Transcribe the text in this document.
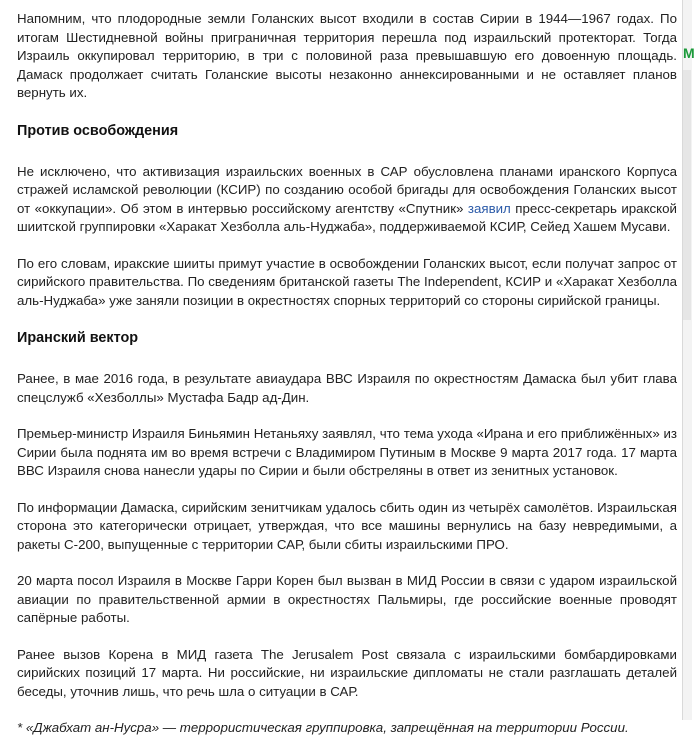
Напомним, что плодородные земли Голанских высот входили в состав Сирии в 1944—1967 годах. По итогам Шестидневной войны приграничная территория перешла под израильский протекторат. Тогда Израиль оккупировал территорию, в три с половиной раза превышавшую его довоенную площадь. Дамаск продолжает считать Голанские высоты незаконно аннексированными и не оставляет планов вернуть их.

Против освобождения

Не исключено, что активизация израильских военных в САР обусловлена планами иранского Корпуса стражей исламской революции (КСИР) по созданию особой бригады для освобождения Голанских высот от «оккупации». Об этом в интервью российскому агентству «Спутник» заявил пресс-секретарь иракской шиитской группировки «Харакат Хезболла аль-Нуджаба», поддерживаемой КСИР, Сейед Хашем Мусави.

По его словам, иракские шииты примут участие в освобождении Голанских высот, если получат запрос от сирийского правительства. По сведениям британской газеты The Independent, КСИР и «Харакат Хезболла аль-Нуджаба» уже заняли позиции в окрестностях спорных территорий со стороны сирийской границы.

Иранский вектор

Ранее, в мае 2016 года, в результате авиаудара ВВС Израиля по окрестностям Дамаска был убит глава спецслужб «Хезболлы» Мустафа Бадр ад-Дин.

Премьер-министр Израиля Биньямин Нетаньяху заявлял, что тема ухода «Ирана и его приближённых» из Сирии была поднята им во время встречи с Владимиром Путиным в Москве 9 марта 2017 года. 17 марта ВВС Израиля снова нанесли удары по Сирии и были обстреляны в ответ из зенитных установок.

По информации Дамаска, сирийским зенитчикам удалось сбить один из четырёх самолётов. Израильская сторона это категорически отрицает, утверждая, что все машины вернулись на базу невредимыми, а ракеты С-200, выпущенные с территории САР, были сбиты израильскими ПРО.

20 марта посол Израиля в Москве Гарри Корен был вызван в МИД России в связи с ударом израильской авиации по правительственной армии в окрестностях Пальмиры, где российские военные проводят сапёрные работы.

Ранее вызов Корена в МИД газета The Jerusalem Post связала с израильскими бомбардировками сирийских позиций 17 марта. Ни российские, ни израильские дипломаты не стали разглашать деталей беседы, уточнив лишь, что речь шла о ситуации в САР.

* «Джабхат ан-Нусра» — террористическая группировка, запрещённая на территории России.

М
